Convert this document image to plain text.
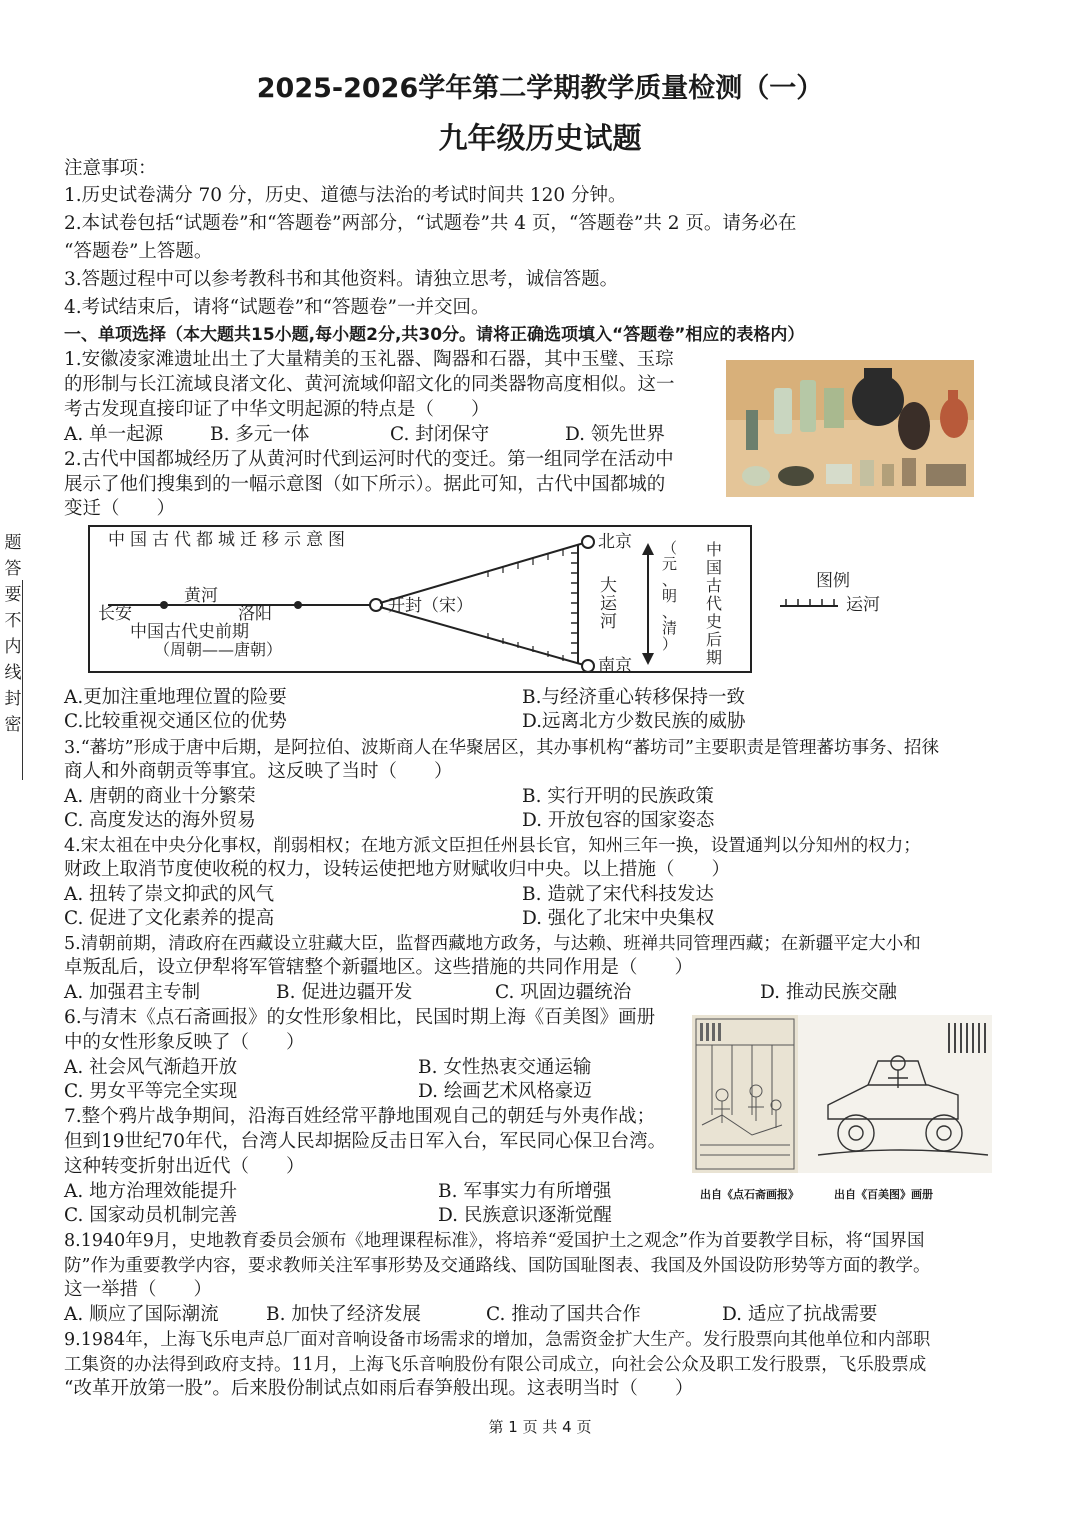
2025-2026学年第二学期教学质量检测（一）
九年级历史试题
注意事项：
1.历史试卷满分 70 分，历史、道德与法治的考试时间共 120 分钟。
2.本试卷包括“试题卷”和“答题卷”两部分，“试题卷”共 4 页，“答题卷”共 2 页。请务必在
“答题卷”上答题。
3.答题过程中可以参考教科书和其他资料。请独立思考，诚信答题。
4.考试结束后，请将“试题卷”和“答题卷”一并交回。
一、单项选择（本大题共15小题,每小题2分,共30分。请将正确选项填入“答题卷”相应的表格内）
1.安徽凌家滩遗址出土了大量精美的玉礼器、陶器和石器，其中玉璧、玉琮
的形制与长江流域良渚文化、黄河流域仰韶文化的同类器物高度相似。这一
考古发现直接印证了中华文明起源的特点是（　　）
A. 单一起源	B. 多元一体	C. 封闭保守	D. 领先世界
2.古代中国都城经历了从黄河时代到运河时代的变迁。第一组同学在活动中
展示了他们搜集到的一幅示意图（如下所示）。据此可知，古代中国都城的
变迁（　　）
中国古代都城迁移示意图
长安
黄河
洛阳	开封（宋）
北京
南京
中国古代史前期
（周朝——唐朝）
大
运
河
（
元
、
明
、
清
）
中
国
古
代
史
后
期
图例
运河
A.更加注重地理位置的险要	B.与经济重心转移保持一致
C.比较重视交通区位的优势	D.远离北方少数民族的威胁
3.“蕃坊”形成于唐中后期，是阿拉伯、波斯商人在华聚居区，其办事机构“蕃坊司”主要职责是管理蕃坊事务、招徕
商人和外商朝贡等事宜。这反映了当时（　　）
A. 唐朝的商业十分繁荣	B. 实行开明的民族政策
C. 高度发达的海外贸易	D. 开放包容的国家姿态
4.宋太祖在中央分化事权，削弱相权；在地方派文臣担任州县长官，知州三年一换，设置通判以分知州的权力；
财政上取消节度使收税的权力，设转运使把地方财赋收归中央。以上措施（　　）
A. 扭转了崇文抑武的风气	B. 造就了宋代科技发达
C. 促进了文化素养的提高	D. 强化了北宋中央集权
5.清朝前期，清政府在西藏设立驻藏大臣，监督西藏地方政务，与达赖、班禅共同管理西藏；在新疆平定大小和
卓叛乱后，设立伊犁将军管辖整个新疆地区。这些措施的共同作用是（　　）
A. 加强君主专制	B. 促进边疆开发	C. 巩固边疆统治	D. 推动民族交融
6.与清末《点石斋画报》的女性形象相比，民国时期上海《百美图》画册
中的女性形象反映了（　　）
A. 社会风气渐趋开放	B. 女性热衷交通运输
C. 男女平等完全实现	D. 绘画艺术风格豪迈
出自《点石斋画报》	出自《百美图》画册
7.整个鸦片战争期间，沿海百姓经常平静地围观自己的朝廷与外夷作战；
但到19世纪70年代，台湾人民却据险反击日军入台，军民同心保卫台湾。
这种转变折射出近代（　　）
A. 地方治理效能提升	B. 军事实力有所增强
C. 国家动员机制完善	D. 民族意识逐渐觉醒
8.1940年9月，史地教育委员会颁布《地理课程标准》，将培养“爱国护土之观念”作为首要教学目标，将“国界国
防”作为重要教学内容，要求教师关注军事形势及交通路线、国防国耻图表、我国及外国设防形势等方面的教学。
这一举措（　　）
A. 顺应了国际潮流	B. 加快了经济发展	C. 推动了国共合作	D. 适应了抗战需要
9.1984年，上海飞乐电声总厂面对音响设备市场需求的增加，急需资金扩大生产。发行股票向其他单位和内部职
工集资的办法得到政府支持。11月，上海飞乐音响股份有限公司成立，向社会公众及职工发行股票，飞乐股票成
“改革开放第一股”。后来股份制试点如雨后春笋般出现。这表明当时（　　）
题
答
要
不
内
线
封
密
第 1 页 共 4 页
